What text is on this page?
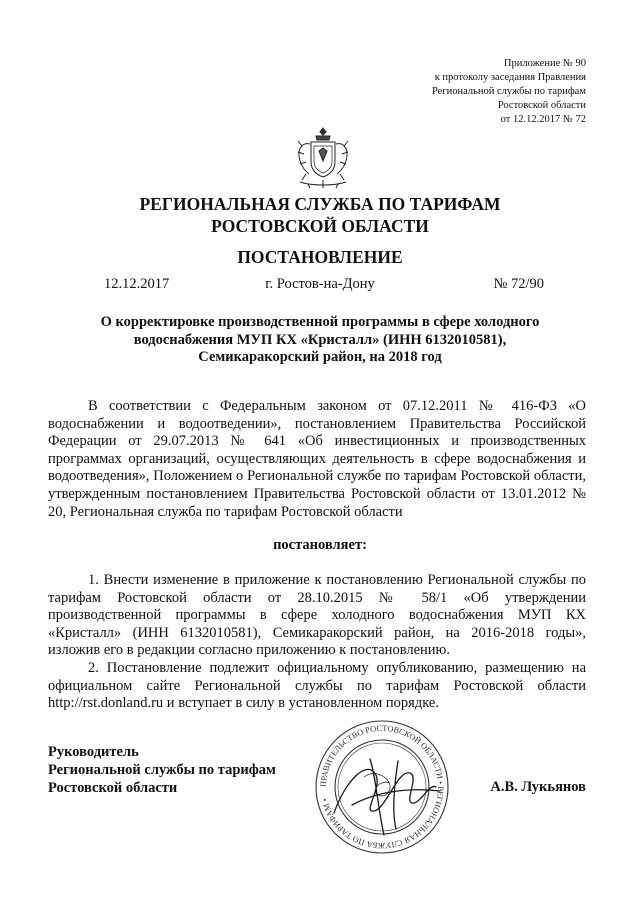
Приложение № 90
к протоколу заседания Правления
Региональной службы по тарифам
Ростовской области
от 12.12.2017 № 72
РЕГИОНАЛЬНАЯ СЛУЖБА ПО ТАРИФАМ
РОСТОВСКОЙ ОБЛАСТИ
ПОСТАНОВЛЕНИЕ
12.12.2017	г. Ростов-на-Дону	№ 72/90
О корректировке производственной программы в сфере холодного
водоснабжения МУП КХ «Кристалл» (ИНН 6132010581),
Семикаракорский район, на 2018 год
В соответствии с Федеральным законом от 07.12.2011 № 416-ФЗ «О водоснабжении и водоотведении», постановлением Правительства Российской Федерации от 29.07.2013 № 641 «Об инвестиционных и производственных программах организаций, осуществляющих деятельность в сфере водоснабжения и водоотведения», Положением о Региональной службе по тарифам Ростовской области, утвержденным постановлением Правительства Ростовской области от 13.01.2012 № 20, Региональная служба по тарифам Ростовской области
постановляет:
1. Внести изменение в приложение к постановлению Региональной службы по тарифам Ростовской области от 28.10.2015 № 58/1 «Об утверждении производственной программы в сфере холодного водоснабжения МУП КХ «Кристалл» (ИНН 6132010581), Семикаракорский район, на 2016-2018 годы», изложив его в редакции согласно приложению к постановлению.
2. Постановление подлежит официальному опубликованию, размещению на официальном сайте Региональной службы по тарифам Ростовской области http://rst.donland.ru и вступает в силу в установленном порядке.
Руководитель
Региональной службы по тарифам
Ростовской области	ПРАВИТЕЛЬСТВО РОСТОВСКОЙ ОБЛАСТИ • РЕГИОНАЛЬНАЯ СЛУЖБА ПО ТАРИФАМ •
А.В. Лукьянов
